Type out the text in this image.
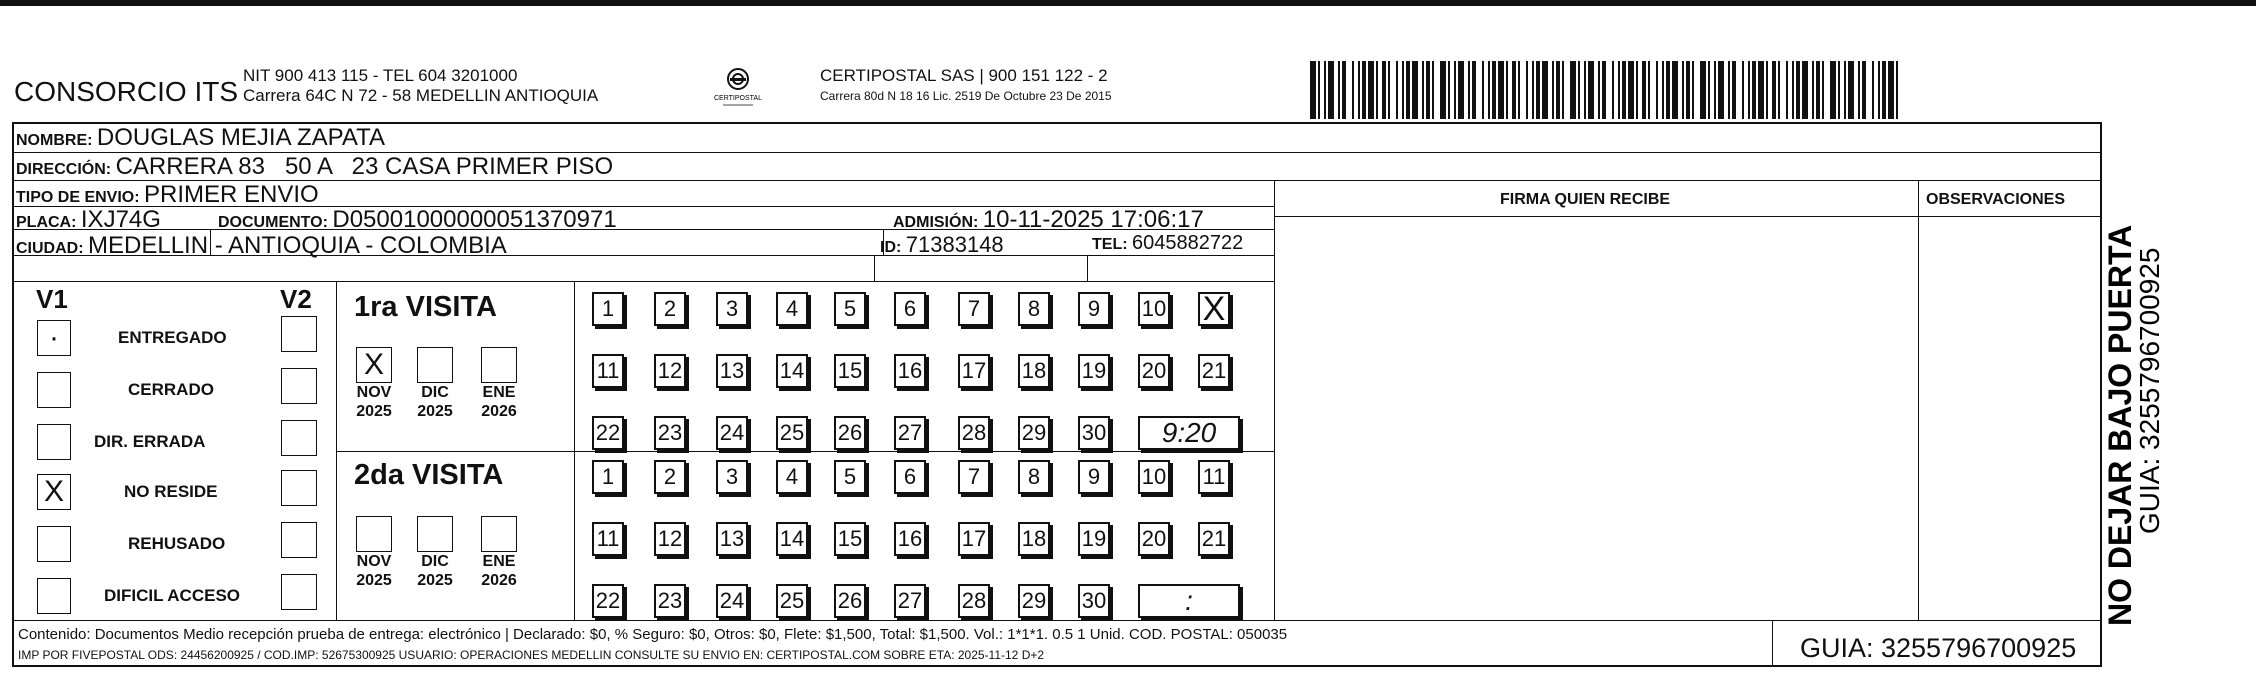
CONSORCIO ITS
NIT 900 413 115 - TEL 604 3201000
Carrera 64C N 72 - 58 MEDELLIN ANTIOQUIA	CERTIPOSTAL
CERTIPOSTAL SAS | 900 151 122 - 2
Carrera 80d N 18 16 Lic. 2519 De Octubre 23 De 2015
NOMBRE: DOUGLAS MEJIA ZAPATA
DIRECCIÓN: CARRERA 83   50 A   23 CASA PRIMER PISO
TIPO DE ENVIO: PRIMER ENVIO	FIRMA QUIEN RECIBE	OBSERVACIONES
PLACA: IXJ74G	DOCUMENTO: D05001000000051370971	ADMISIÓN: 10-11-2025 17:06:17
CIUDAD: MEDELLIN - ANTIOQUIA - COLOMBIA	ID: 71383148	TEL: 6045882722
V1	V2 1ra VISITA
2da VISITA
Contenido: Documentos Medio recepción prueba de entrega: electrónico | Declarado: $0, % Seguro: $0, Otros: $0, Flete: $1,500, Total: $1,500. Vol.: 1*1*1. 0.5 1 Unid. COD. POSTAL: 050035
IMP POR FIVEPOSTAL ODS: 24456200925 / COD.IMP: 52675300925 USUARIO: OPERACIONES MEDELLIN CONSULTE SU ENVIO EN: CERTIPOSTAL.COM SOBRE ETA: 2025-11-12 D+2	GUIA: 3255796700925
NO DEJAR BAJO PUERTA
GUIA: 3255796700925
·	ENTREGADO
CERRADO
DIR. ERRADA
X	NO RESIDE
REHUSADO
DIFICIL ACCESO
X
NOV
2025
DIC
2025
ENE
2026
NOV
2025
DIC
2025
ENE
2026
1	2	3	4	5	6	7	8	9	10 X
11 12 13 14 15 16 17 18 19 20 21
22 23 24 25 26 27 28 29 30	9:20
1	2	3	4	5	6	7	8	9	10 11
11 12 13 14 15 16 17 18 19 20 21
22 23 24 25 26 27 28 29 30	:
